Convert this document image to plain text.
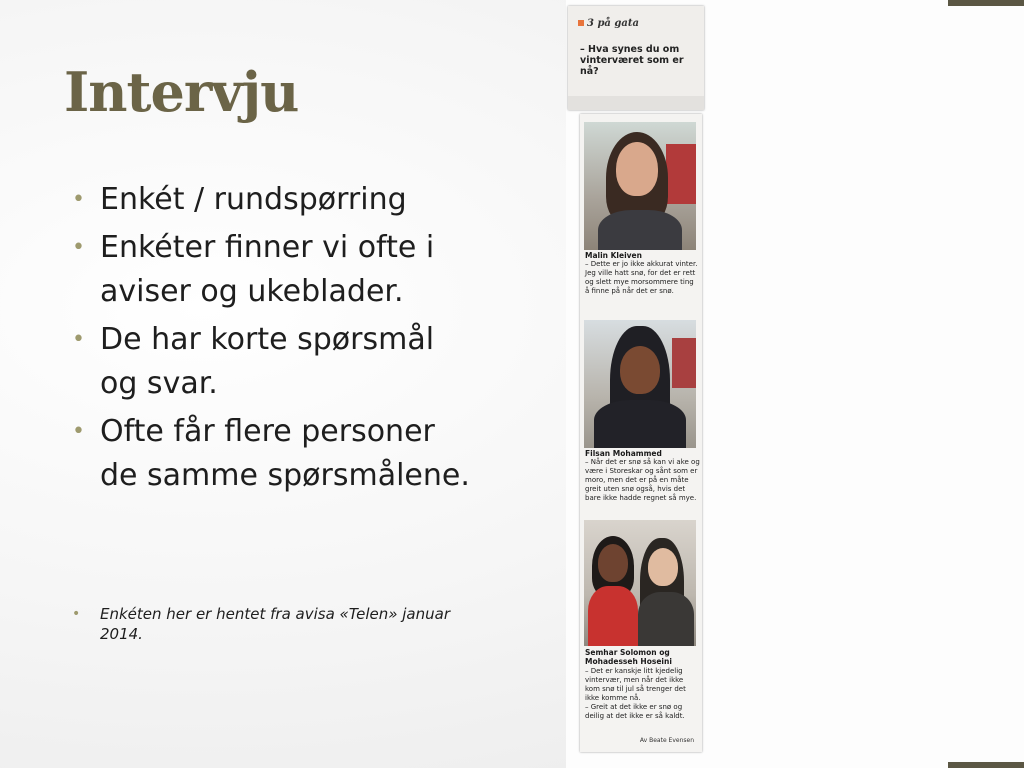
Intervju
• Enkét / rundspørring
• Enkéter finner vi ofte i aviser og ukeblader.
• De har korte spørsmål og svar.
• Ofte får flere personer de samme spørsmålene.
• Enkéten her er hentet fra avisa «Telen» januar 2014.
3 på gata
– Hva synes du om vinterværet som er nå?
Malin Kleiven
– Dette er jo ikke akkurat vinter. Jeg ville hatt snø, for det er rett og slett mye morsommere ting å finne på når det er snø.
Filsan Mohammed
– Når det er snø så kan vi ake og være i Storeskar og sånt som er moro, men det er på en måte greit uten snø også, hvis det bare ikke hadde regnet så mye.
Semhar Solomon og Mohadesseh Hoseini
– Det er kanskje litt kjedelig vintervær, men når det ikke kom snø til jul så trenger det ikke komme nå.
– Greit at det ikke er snø og deilig at det ikke er så kaldt.
Av Beate Evensen
